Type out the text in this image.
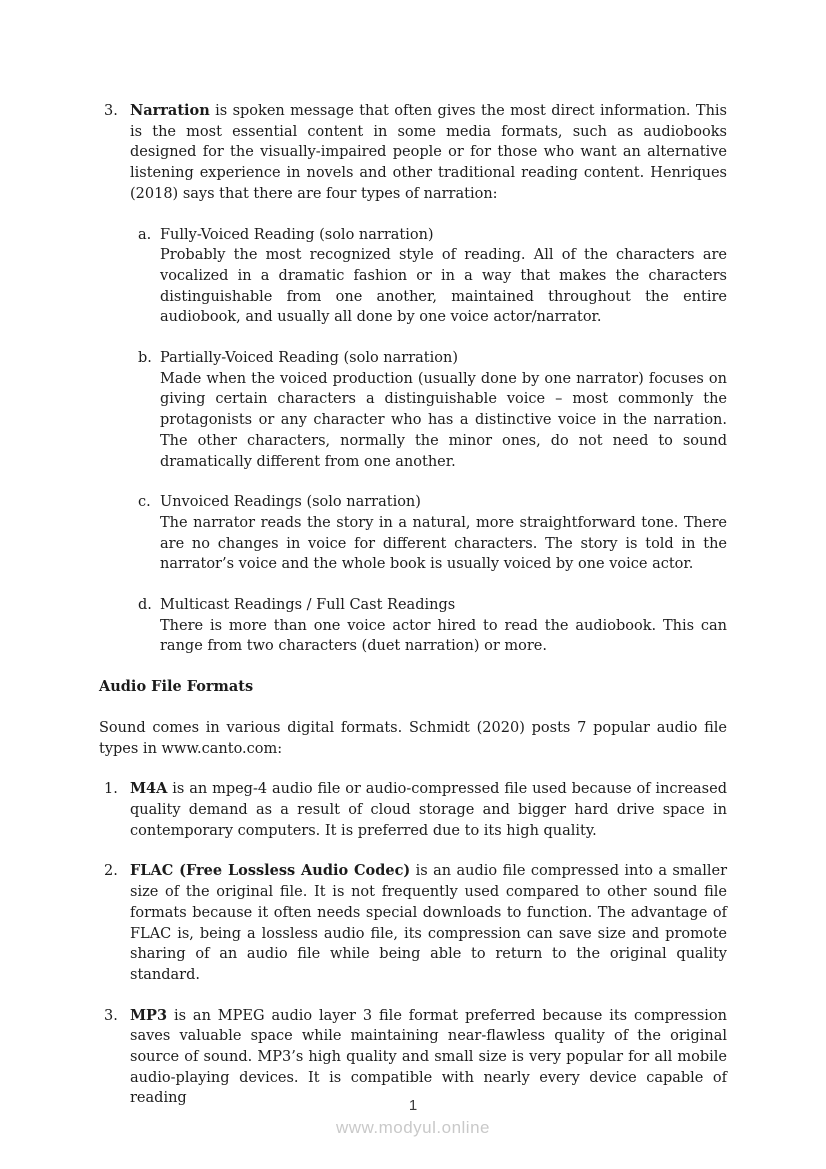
3. Narration is spoken message that often gives the most direct information. This is the most essential content in some media formats, such as audiobooks designed for the visually-impaired people or for those who want an alternative listening experience in novels and other traditional reading content. Henriques (2018) says that there are four types of narration:

a. Fully-Voiced Reading (solo narration)

Probably the most recognized style of reading. All of the characters are vocalized in a dramatic fashion or in a way that makes the characters distinguishable from one another, maintained throughout the entire audiobook, and usually all done by one voice actor/narrator.

b. Partially-Voiced Reading (solo narration)

Made when the voiced production (usually done by one narrator) focuses on giving certain characters a distinguishable voice – most commonly the protagonists or any character who has a distinctive voice in the narration. The other characters, normally the minor ones, do not need to sound dramatically different from one another.

c. Unvoiced Readings (solo narration)

The narrator reads the story in a natural, more straightforward tone. There are no changes in voice for different characters. The story is told in the narrator’s voice and the whole book is usually voiced by one voice actor.

d. Multicast Readings / Full Cast Readings

There is more than one voice actor hired to read the audiobook. This can range from two characters (duet narration) or more.

Audio File Formats

Sound comes in various digital formats. Schmidt (2020) posts 7 popular audio file types in www.canto.com:

1. M4A is an mpeg-4 audio file or audio-compressed file used because of increased quality demand as a result of cloud storage and bigger hard drive space in contemporary computers. It is preferred due to its high quality.

2. FLAC (Free Lossless Audio Codec) is an audio file compressed into a smaller size of the original file. It is not frequently used compared to other sound file formats because it often needs special downloads to function. The advantage of FLAC is, being a lossless audio file, its compression can save size and promote sharing of an audio file while being able to return to the original quality standard.

3. MP3 is an MPEG audio layer 3 file format preferred because its compression saves valuable space while maintaining near-flawless quality of the original source of sound. MP3’s high quality and small size is very popular for all mobile audio-playing devices. It is compatible with nearly every device capable of reading	1
www.modyul.online
